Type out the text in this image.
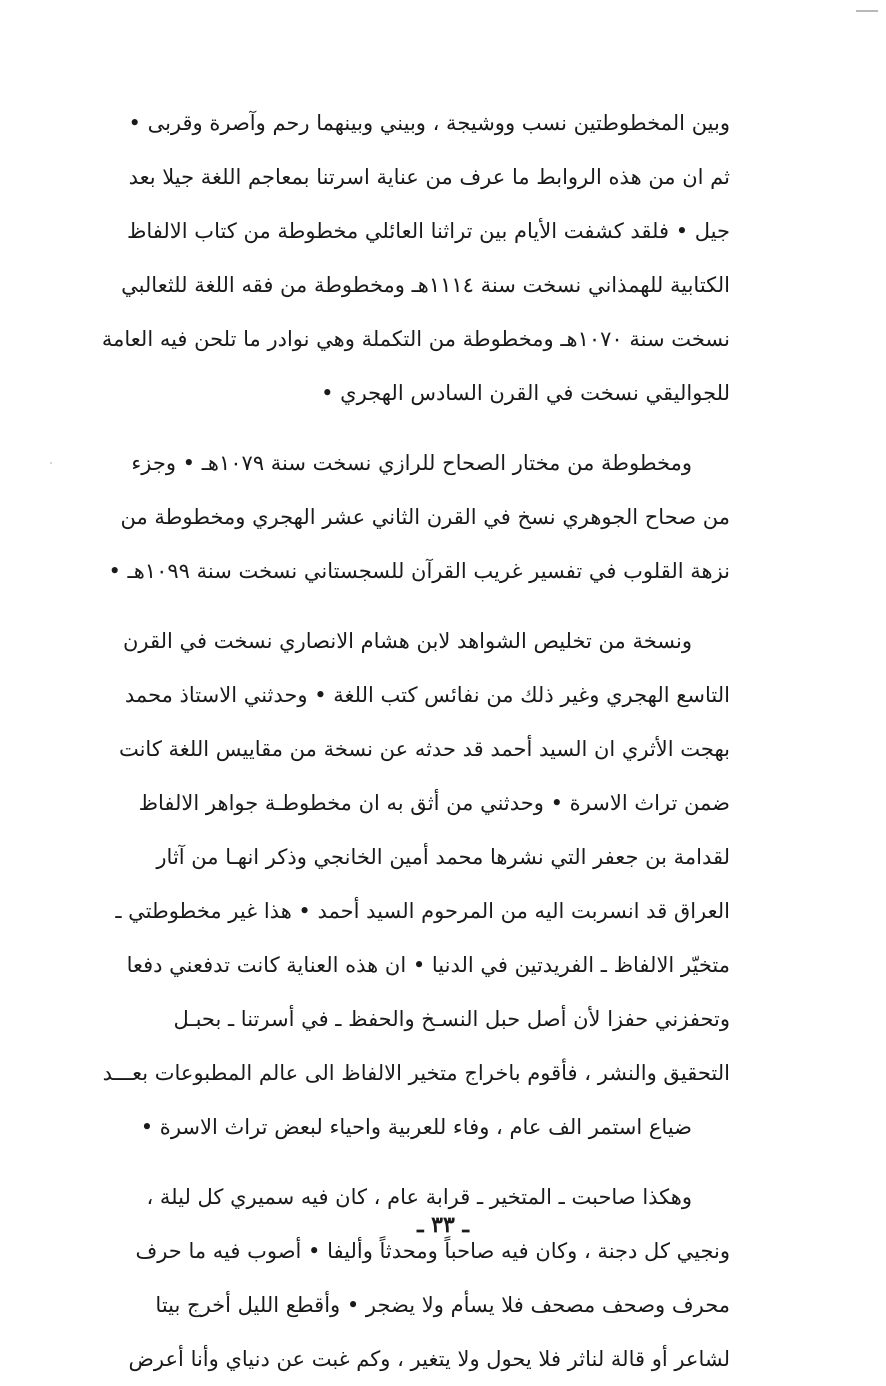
وبين المخطوطتين نسب ووشيجة ، وبيني وبينهما رحم وآصرة وقربى •
ثم ان من هذه الروابط ما عرف من عناية اسرتنا بمعاجم اللغة جيلا بعد
جيل • فلقد كشفت الأيام بين تراثنا العائلي مخطوطة من كتاب الالفاظ
الكتابية للهمذاني نسخت سنة ١١١٤هـ ومخطوطة من فقه اللغة للثعالبي
نسخت سنة ١٠٧٠هـ ومخطوطة من التكملة وهي نوادر ما تلحن فيه العامة
للجواليقي نسخت في القرن السادس الهجري •
ومخطوطة من مختار الصحاح للرازي نسخت سنة ١٠٧٩هـ • وجزء
من صحاح الجوهري نسخ في القرن الثاني عشر الهجري ومخطوطة من
نزهة القلوب في تفسير غريب القرآن للسجستاني نسخت سنة ١٠٩٩هـ •
ونسخة من تخليص الشواهد لابن هشام الانصاري نسخت في القرن
التاسع الهجري وغير ذلك من نفائس كتب اللغة • وحدثني الاستاذ محمد
بهجت الأثري ان السيد أحمد قد حدثه عن نسخة من مقاييس اللغة كانت
ضمن تراث الاسرة • وحدثني من أثق به ان مخطوطـة جواهر الالفاظ
لقدامة بن جعفر التي نشرها محمد أمين الخانجي وذكر انهـا من آثار
العراق قد انسربت اليه من المرحوم السيد أحمد • هذا غير مخطوطتي ـ
متخيّر الالفاظ ـ الفريدتين في الدنيا • ان هذه العناية كانت تدفعني دفعا
وتحفزني حفزا لأن أصل حبل النسـخ والحفظ ـ في أسرتنا ـ بحبـل
التحقيق والنشر ، فأقوم باخراج متخير الالفاظ الى عالم المطبوعات بعـــد
ضياع استمر الف عام ، وفاء للعربية واحياء لبعض تراث الاسرة •
وهكذا صاحبت ـ المتخير ـ قرابة عام ، كان فيه سميري كل ليلة ،
ونجيي كل دجنة ، وكان فيه صاحباً ومحدثاً وأليفا • أصوب فيه ما حرف
محرف وصحف مصحف فلا يسأم ولا يضجر • وأقطع الليل أخرج بيتا
لشاعر أو قالة لناثر فلا يحول ولا يتغير ، وكم غبت عن دنياي وأنا أعرض
ـ ٣٣ ـ
